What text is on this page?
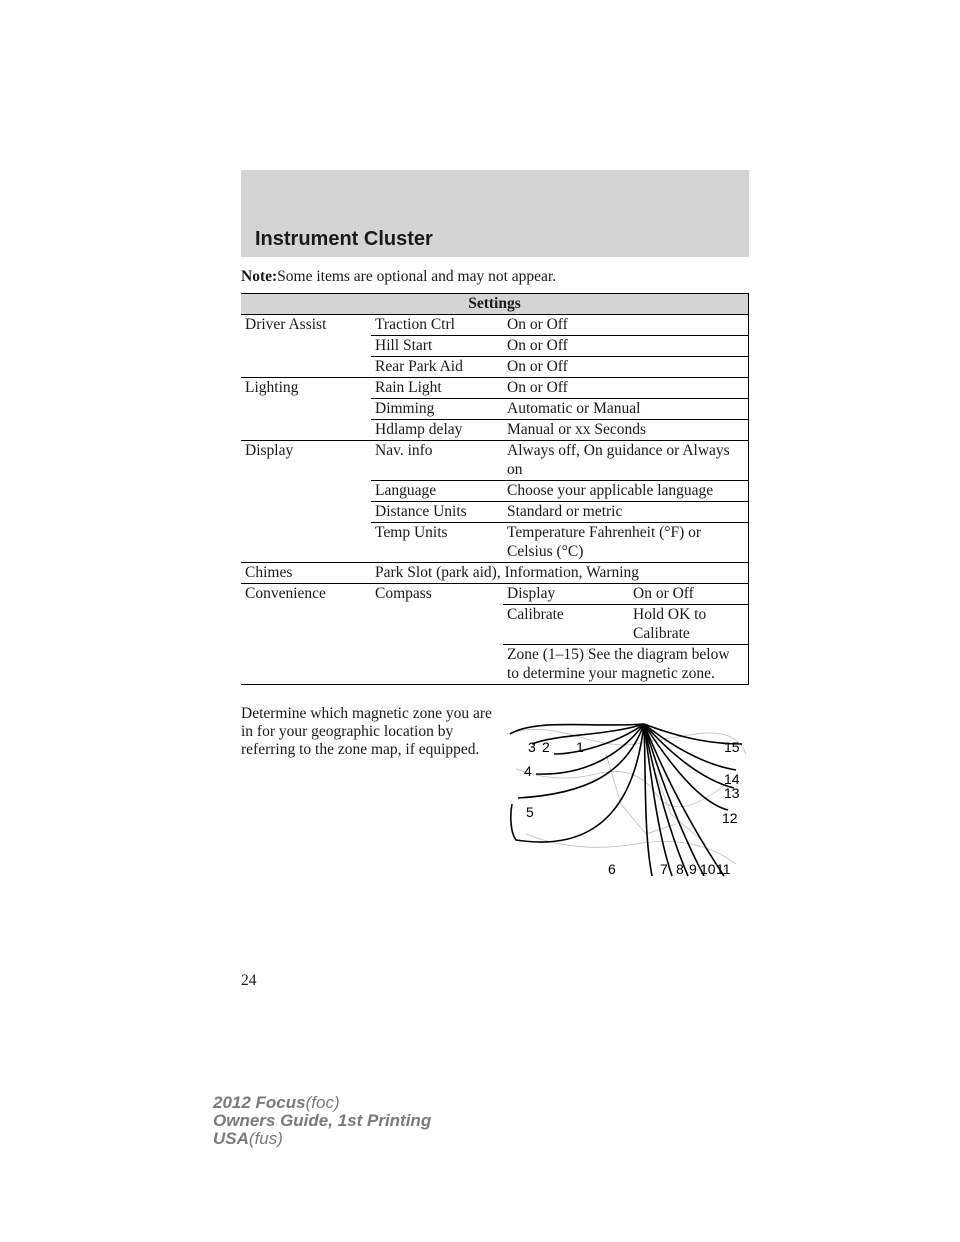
Instrument Cluster
Note:Some items are optional and may not appear.
Settings			
Driver Assist	Traction Ctrl	On or Off	
	Hill Start	On or Off	
	Rear Park Aid	On or Off	
Lighting	Rain Light	On or Off	
	Dimming	Automatic or Manual	
	Hdlamp delay	Manual or xx Seconds	
Display	Nav. info	Always off, On guidance or Always on	
	Language	Choose your applicable language	
	Distance Units	Standard or metric	
	Temp Units	Temperature Fahrenheit (°F) or Celsius (°C)	
Chimes	Park Slot (park aid), Information, Warning		
Convenience	Compass	Display	On or Off
		Calibrate	Hold OK to Calibrate
		Zone (1–15) See the diagram below to determine your magnetic zone.	
Determine which magnetic zone you are in for your geographic location by referring to the zone map, if equipped.	3 2 1	15
4	14
13
5	12
6	7 8 9 10 11
24
2012 Focus(foc)
Owners Guide, 1st Printing
USA(fus)
